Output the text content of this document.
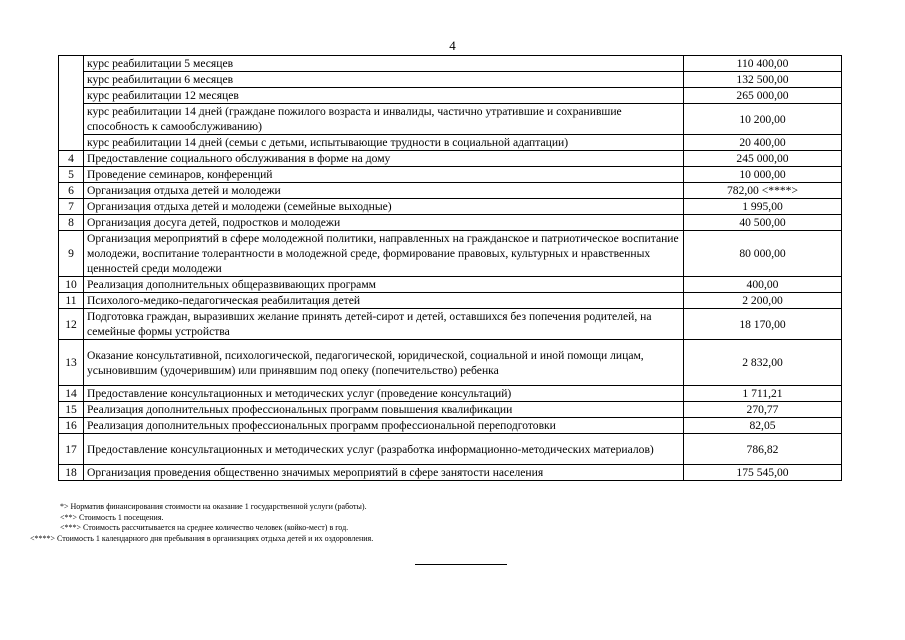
4
	курс реабилитации 5 месяцев	110 400,00
	курс реабилитации 6 месяцев	132 500,00
	курс реабилитации 12 месяцев	265 000,00
	курс реабилитации 14 дней (граждане пожилого возраста и инвалиды, частично утратившие и сохранившие способность к самообслуживанию)	10 200,00
	курс реабилитации 14 дней (семьи с детьми, испытывающие трудности в социальной адаптации)	20 400,00
4	Предоставление социального обслуживания в форме на дому	245 000,00
5	Проведение семинаров, конференций	10 000,00
6	Организация отдыха детей и молодежи	782,00 <****>
7	Организация отдыха детей и молодежи (семейные выходные)	1 995,00
8	Организация досуга детей, подростков и молодежи	40 500,00
9	Организация мероприятий в сфере молодежной политики, направленных на гражданское и патриотическое воспитание молодежи, воспитание толерантности в молодежной среде, формирование правовых, культурных и нравственных ценностей среди молодежи	80 000,00
10	Реализация дополнительных общеразвивающих программ	400,00
11	Психолого-медико-педагогическая реабилитация детей	2 200,00
12	Подготовка граждан, выразивших желание принять детей-сирот и детей, оставшихся без попечения родителей, на семейные формы устройства	18 170,00
13	Оказание консультативной, психологической, педагогической, юридической, социальной и иной помощи лицам, усыновившим (удочерившим) или принявшим под опеку (попечительство) ребенка	2 832,00
14	Предоставление консультационных и методических услуг (проведение консультаций)	1 711,21
15	Реализация дополнительных профессиональных программ повышения квалификации	270,77
16	Реализация дополнительных профессиональных программ профессиональной переподготовки	82,05
17	Предоставление консультационных и методических услуг (разработка информационно-методических материалов)	786,82
18	Организация проведения общественно значимых мероприятий в сфере занятости населения	175 545,00
*> Норматив финансирования стоимости на оказание 1 государственной услуги (работы).
<**> Стоимость 1 посещения.
<***> Стоимость рассчитывается на среднее количество человек (койко-мест) в год.
<****> Стоимость 1 календарного дня пребывания в организациях отдыха детей и их оздоровления.
